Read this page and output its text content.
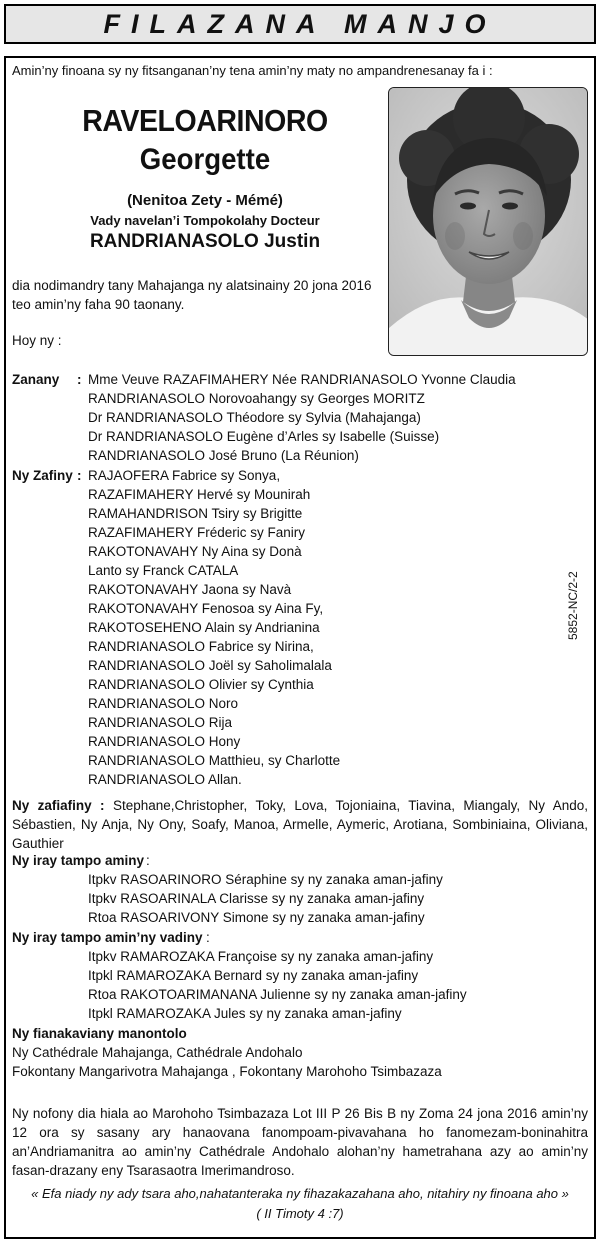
FILAZANA MANJO
Amin’ny finoana sy ny fitsanganan’ny tena amin’ny maty no ampandrenesanay fa i :
RAVELOARINORO
Georgette
(Nenitoa Zety - Mémé)
Vady navelan’i Tompokolahy Docteur
RANDRIANASOLO Justin
dia nodimandry tany Mahajanga ny alatsinainy 20 jona 2016 teo amin’ny faha 90 taonany.
Hoy ny :
Zanany : Mme Veuve RAZAFIMAHERY Née RANDRIANASOLO Yvonne Claudia
RANDRIANASOLO Norovoahangy sy Georges MORITZ
Dr RANDRIANASOLO Théodore sy Sylvia (Mahajanga)
Dr RANDRIANASOLO Eugène d’Arles sy Isabelle (Suisse)
RANDRIANASOLO José Bruno (La Réunion)
Ny Zafiny : RAJAOFERA Fabrice sy Sonya,
RAZAFIMAHERY Hervé sy Mounirah
RAMAHANDRISON Tsiry sy Brigitte
RAZAFIMAHERY Fréderic sy Faniry
RAKOTONAVAHY Ny Aina sy Donà
Lanto sy Franck CATALA
RAKOTONAVAHY Jaona sy Navà
RAKOTONAVAHY Fenosoa sy Aina Fy,
RAKOTOSEHENO Alain sy Andrianina
RANDRIANASOLO Fabrice sy Nirina,
RANDRIANASOLO Joël sy Saholimalala
RANDRIANASOLO Olivier sy Cynthia
RANDRIANASOLO Noro
RANDRIANASOLO Rija
RANDRIANASOLO Hony
RANDRIANASOLO Matthieu, sy Charlotte
RANDRIANASOLO Allan.
Ny zafiafiny : Stephane,Christopher, Toky, Lova, Tojoniaina, Tiavina, Miangaly, Ny Ando, Sébastien, Ny Anja, Ny Ony, Soafy, Manoa, Armelle, Aymeric, Arotiana, Sombiniaina, Oliviana, Gauthier
Ny iray tampo aminy :
Itpkv RASOARINORO Séraphine sy ny zanaka aman-jafiny
Itpkv RASOARINALA Clarisse sy ny zanaka aman-jafiny
Rtoa RASOARIVONY Simone sy ny zanaka aman-jafiny
Ny iray tampo amin’ny vadiny :
Itpkv RAMAROZAKA Françoise sy ny zanaka aman-jafiny
Itpkl RAMAROZAKA Bernard sy ny zanaka aman-jafiny
Rtoa RAKOTOARIMANANA Julienne sy ny zanaka aman-jafiny
Itpkl RAMAROZAKA Jules sy ny zanaka aman-jafiny
Ny fianakaviany manontolo
Ny Cathédrale Mahajanga, Cathédrale Andohalo
Fokontany Mangarivotra Mahajanga , Fokontany Marohoho Tsimbazaza
Ny nofony dia hiala ao Marohoho Tsimbazaza Lot III P 26 Bis B ny Zoma 24 jona 2016 amin’ny 12 ora sy sasany ary hanaovana fanompoam-pivavahana ho fanomezam-boninahitra an’Andriamanitra ao amin’ny Cathédrale Andohalo alohan’ny hametrahana azy ao amin’ny fasan-drazany eny Tsarasaotra Imerimandroso.
« Efa niady ny ady tsara aho,nahatanteraka ny fihazakazahana aho, nitahiry ny finoana aho »
( II Timoty 4 :7)
5852-NC/2-2
